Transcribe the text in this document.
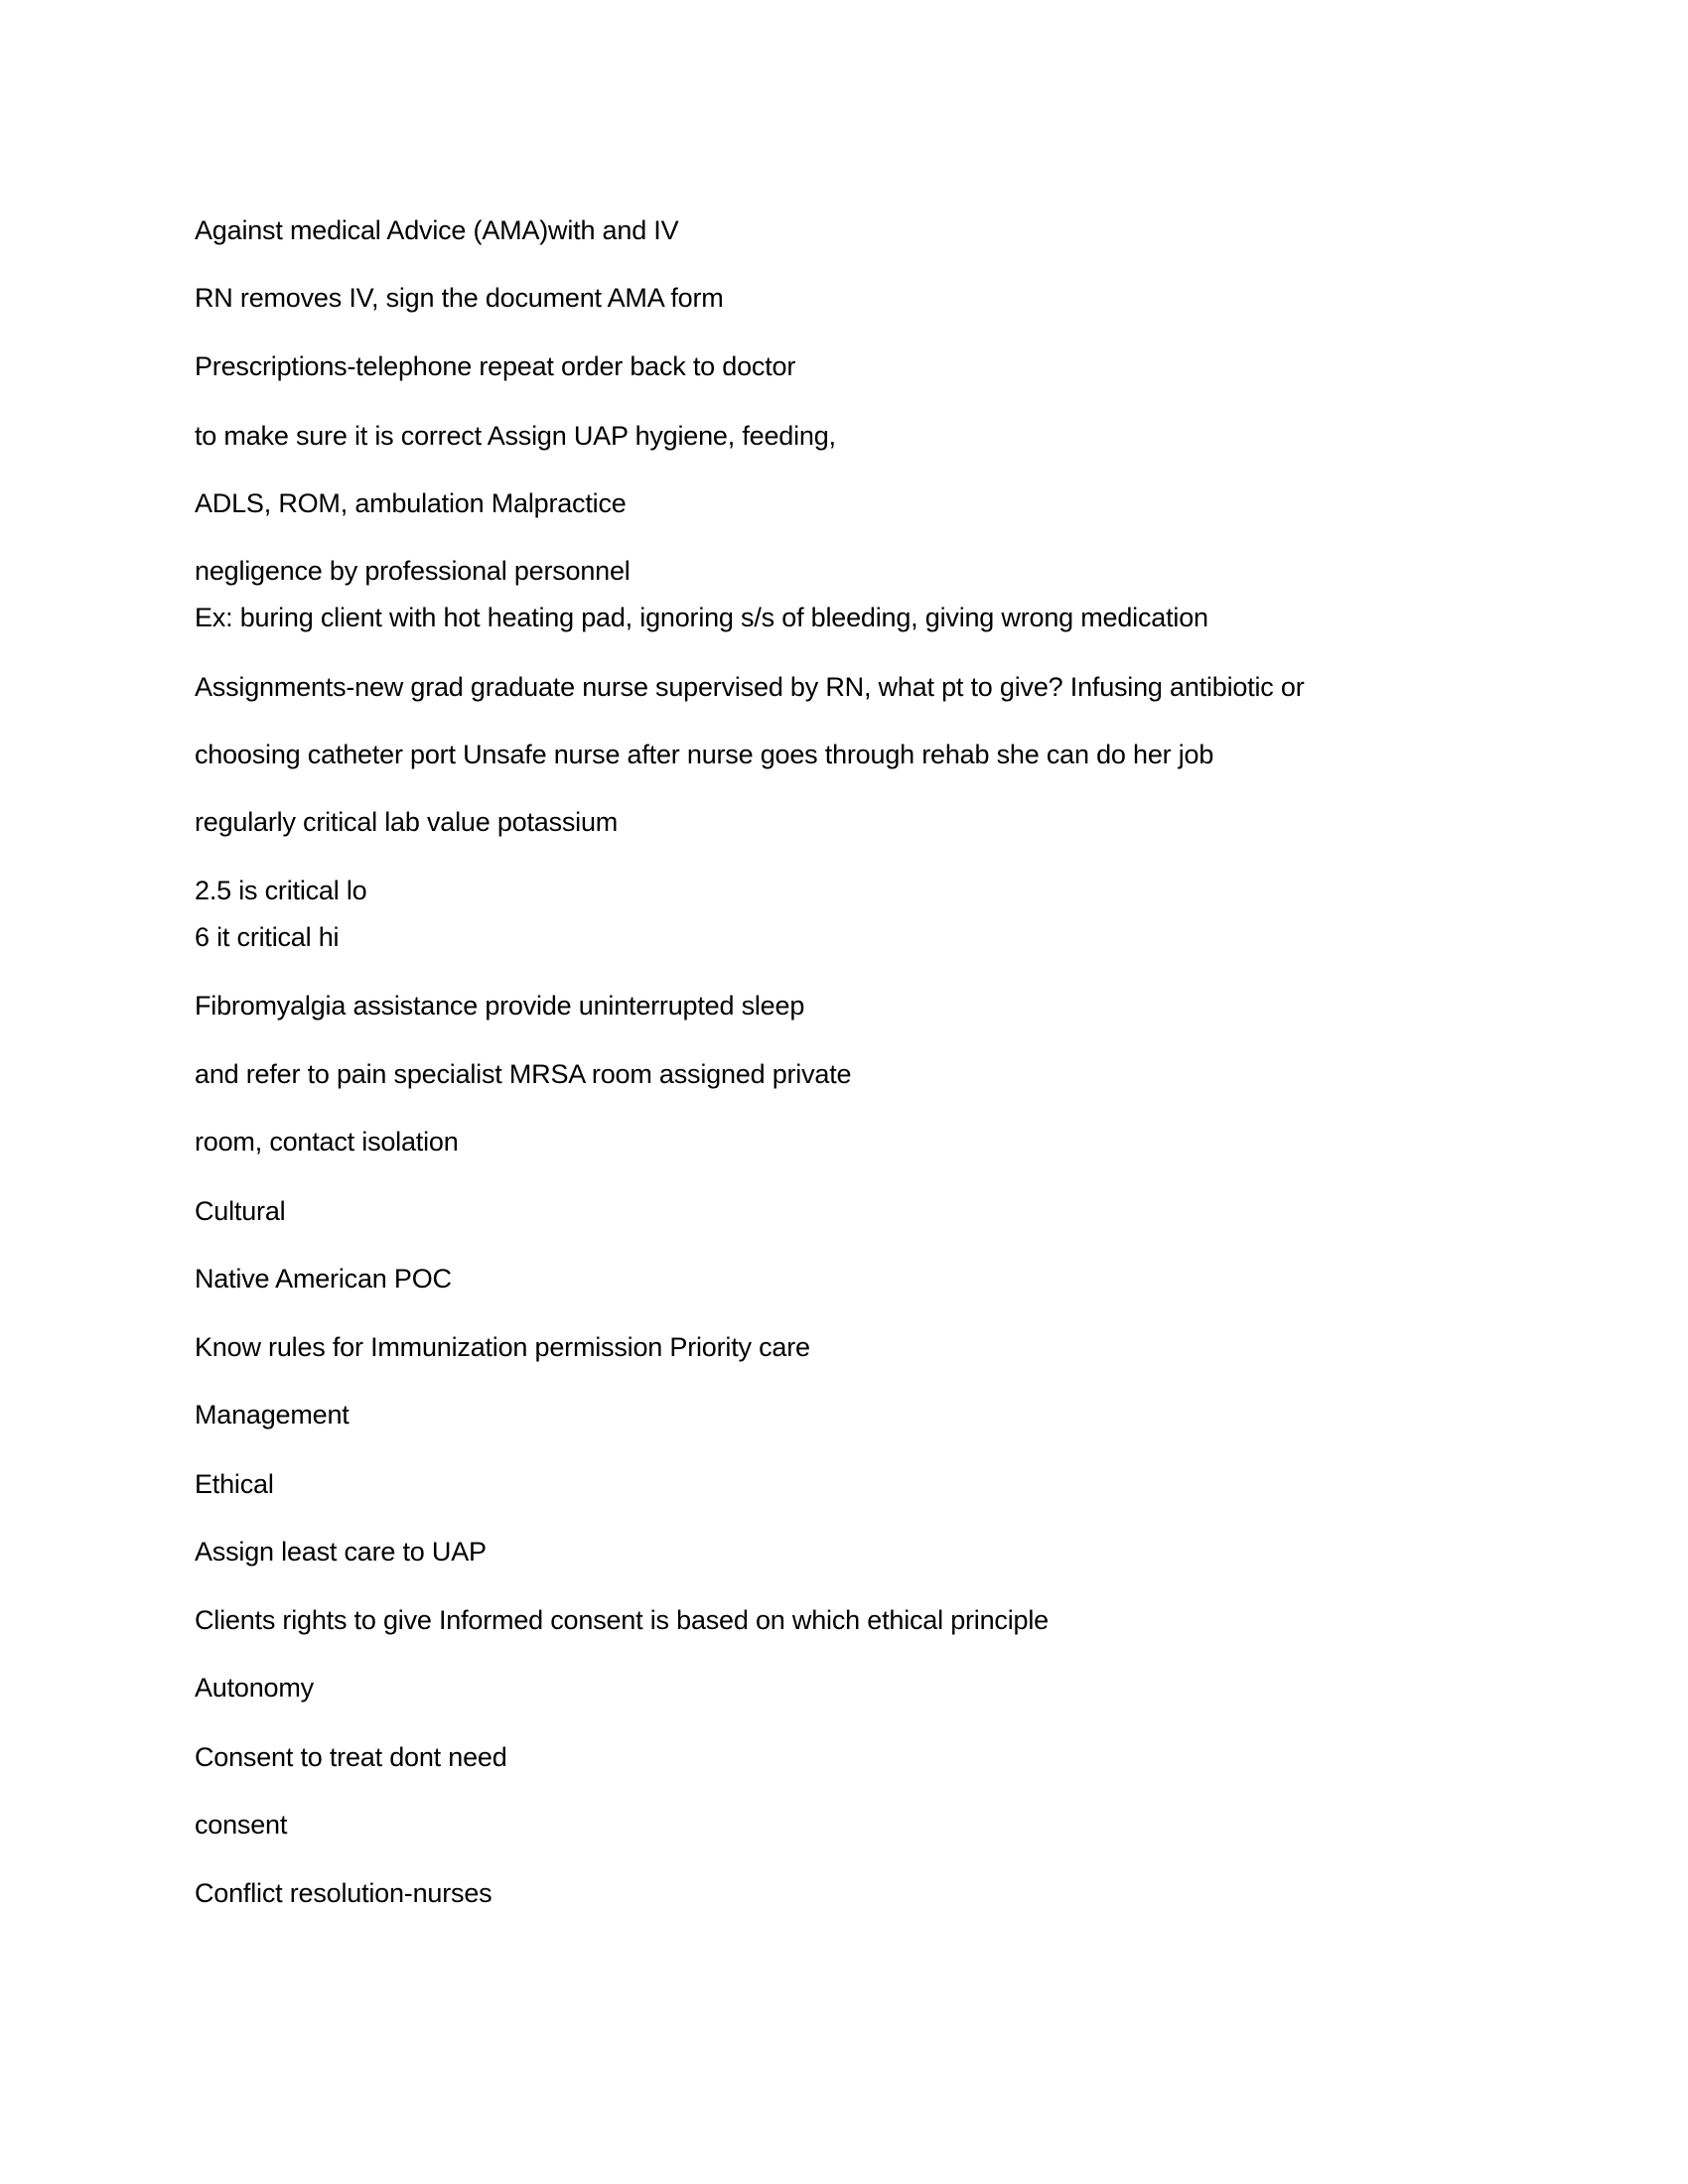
Against medical Advice (AMA)with and IV
RN removes IV, sign the document AMA form
Prescriptions-telephone repeat order back to doctor
to make sure it is correct Assign UAP hygiene, feeding,
ADLS, ROM, ambulation Malpractice
negligence by professional personnel
Ex: buring client with hot heating pad, ignoring s/s of bleeding, giving wrong medication
Assignments-new grad graduate nurse supervised by RN, what pt to give? Infusing antibiotic or
choosing catheter port Unsafe nurse after nurse goes through rehab she can do her job
regularly critical lab value potassium
2.5 is critical lo
6 it critical hi
Fibromyalgia assistance provide uninterrupted sleep
and refer to pain specialist MRSA room assigned private
room, contact isolation
Cultural
Native American POC
Know rules for Immunization permission Priority care
Management
Ethical
Assign least care to UAP
Clients rights to give Informed consent is based on which ethical principle
Autonomy
Consent to treat dont need
consent
Conflict resolution-nurses
